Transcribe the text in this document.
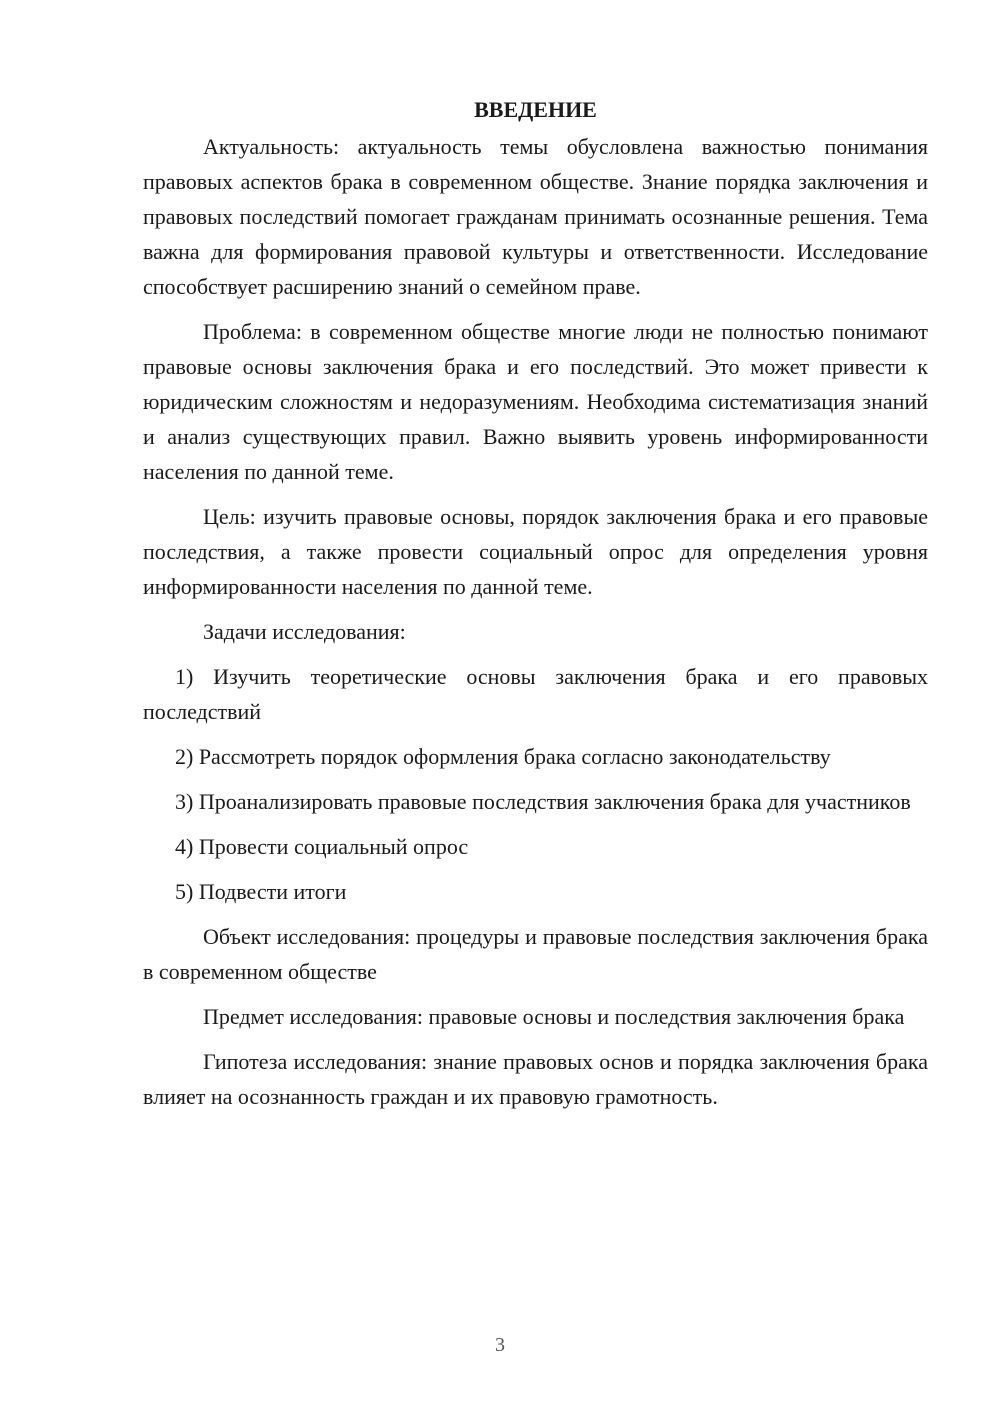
ВВЕДЕНИЕ

Актуальность: актуальность темы обусловлена важностью понимания правовых аспектов брака в современном обществе. Знание порядка заключения и правовых последствий помогает гражданам принимать осознанные решения. Тема важна для формирования правовой культуры и ответственности. Исследование способствует расширению знаний о семейном праве.

Проблема: в современном обществе многие люди не полностью понимают правовые основы заключения брака и его последствий. Это может привести к юридическим сложностям и недоразумениям. Необходима систематизация знаний и анализ существующих правил. Важно выявить уровень информированности населения по данной теме.

Цель: изучить правовые основы, порядок заключения брака и его правовые последствия, а также провести социальный опрос для определения уровня информированности населения по данной теме.

Задачи исследования:

1) Изучить теоретические основы заключения брака и его правовых последствий

2) Рассмотреть порядок оформления брака согласно законодательству

3) Проанализировать правовые последствия заключения брака для участников

4) Провести социальный опрос

5) Подвести итоги

Объект исследования: процедуры и правовые последствия заключения брака в современном обществе

Предмет исследования: правовые основы и последствия заключения брака

Гипотеза исследования: знание правовых основ и порядка заключения брака влияет на осознанность граждан и их правовую грамотность.

3
